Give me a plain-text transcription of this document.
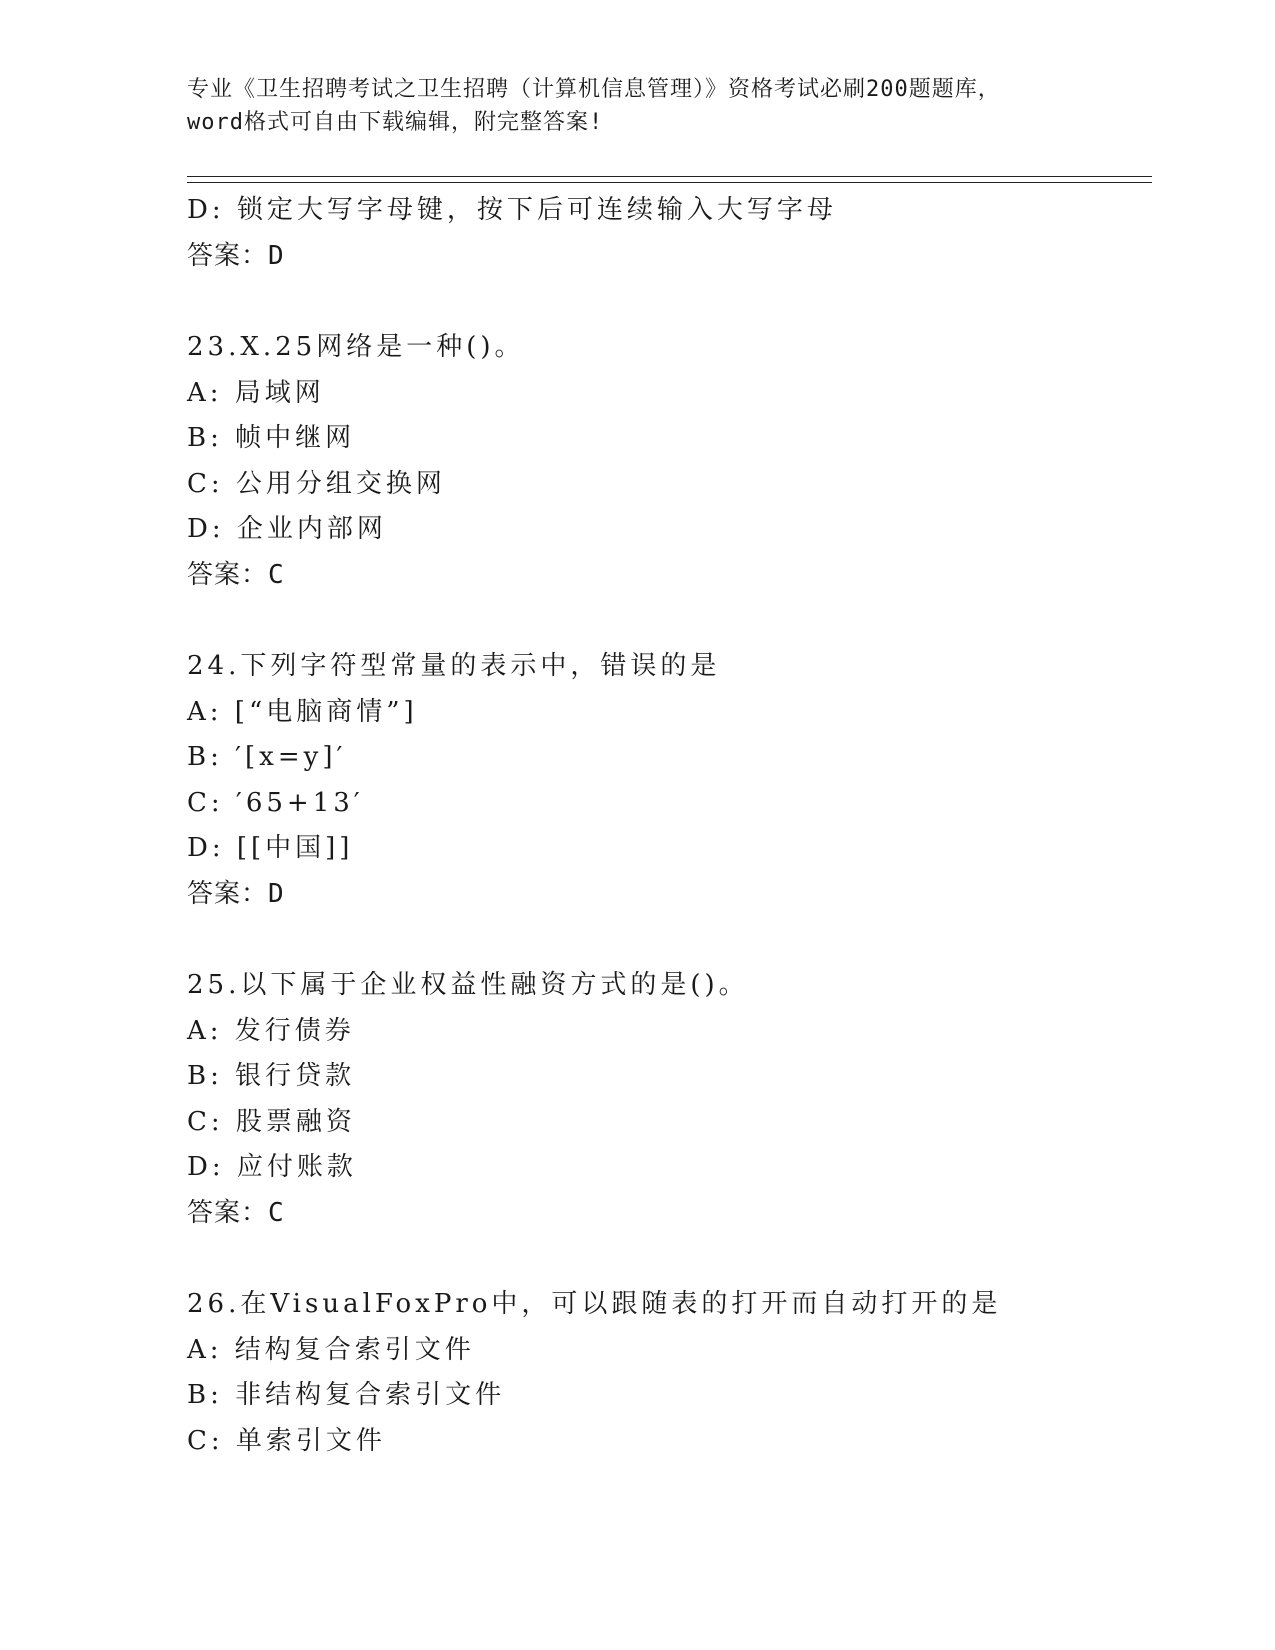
专业《卫生招聘考试之卫生招聘（计算机信息管理）》资格考试必刷200题题库，
word格式可自由下载编辑，附完整答案!
D: 锁定大写字母键，按下后可连续输入大写字母
答案：D
23.X.25网络是一种()。
A: 局域网
B: 帧中继网
C: 公用分组交换网
D: 企业内部网
答案：C
24.下列字符型常量的表示中，错误的是
A: [“电脑商情”]
B: ′[x=y]′
C: ′65+13′
D: [[中国]]
答案：D
25.以下属于企业权益性融资方式的是()。
A: 发行债券
B: 银行贷款
C: 股票融资
D: 应付账款
答案：C
26.在VisualFoxPro中，可以跟随表的打开而自动打开的是
A: 结构复合索引文件
B: 非结构复合索引文件
C: 单索引文件
